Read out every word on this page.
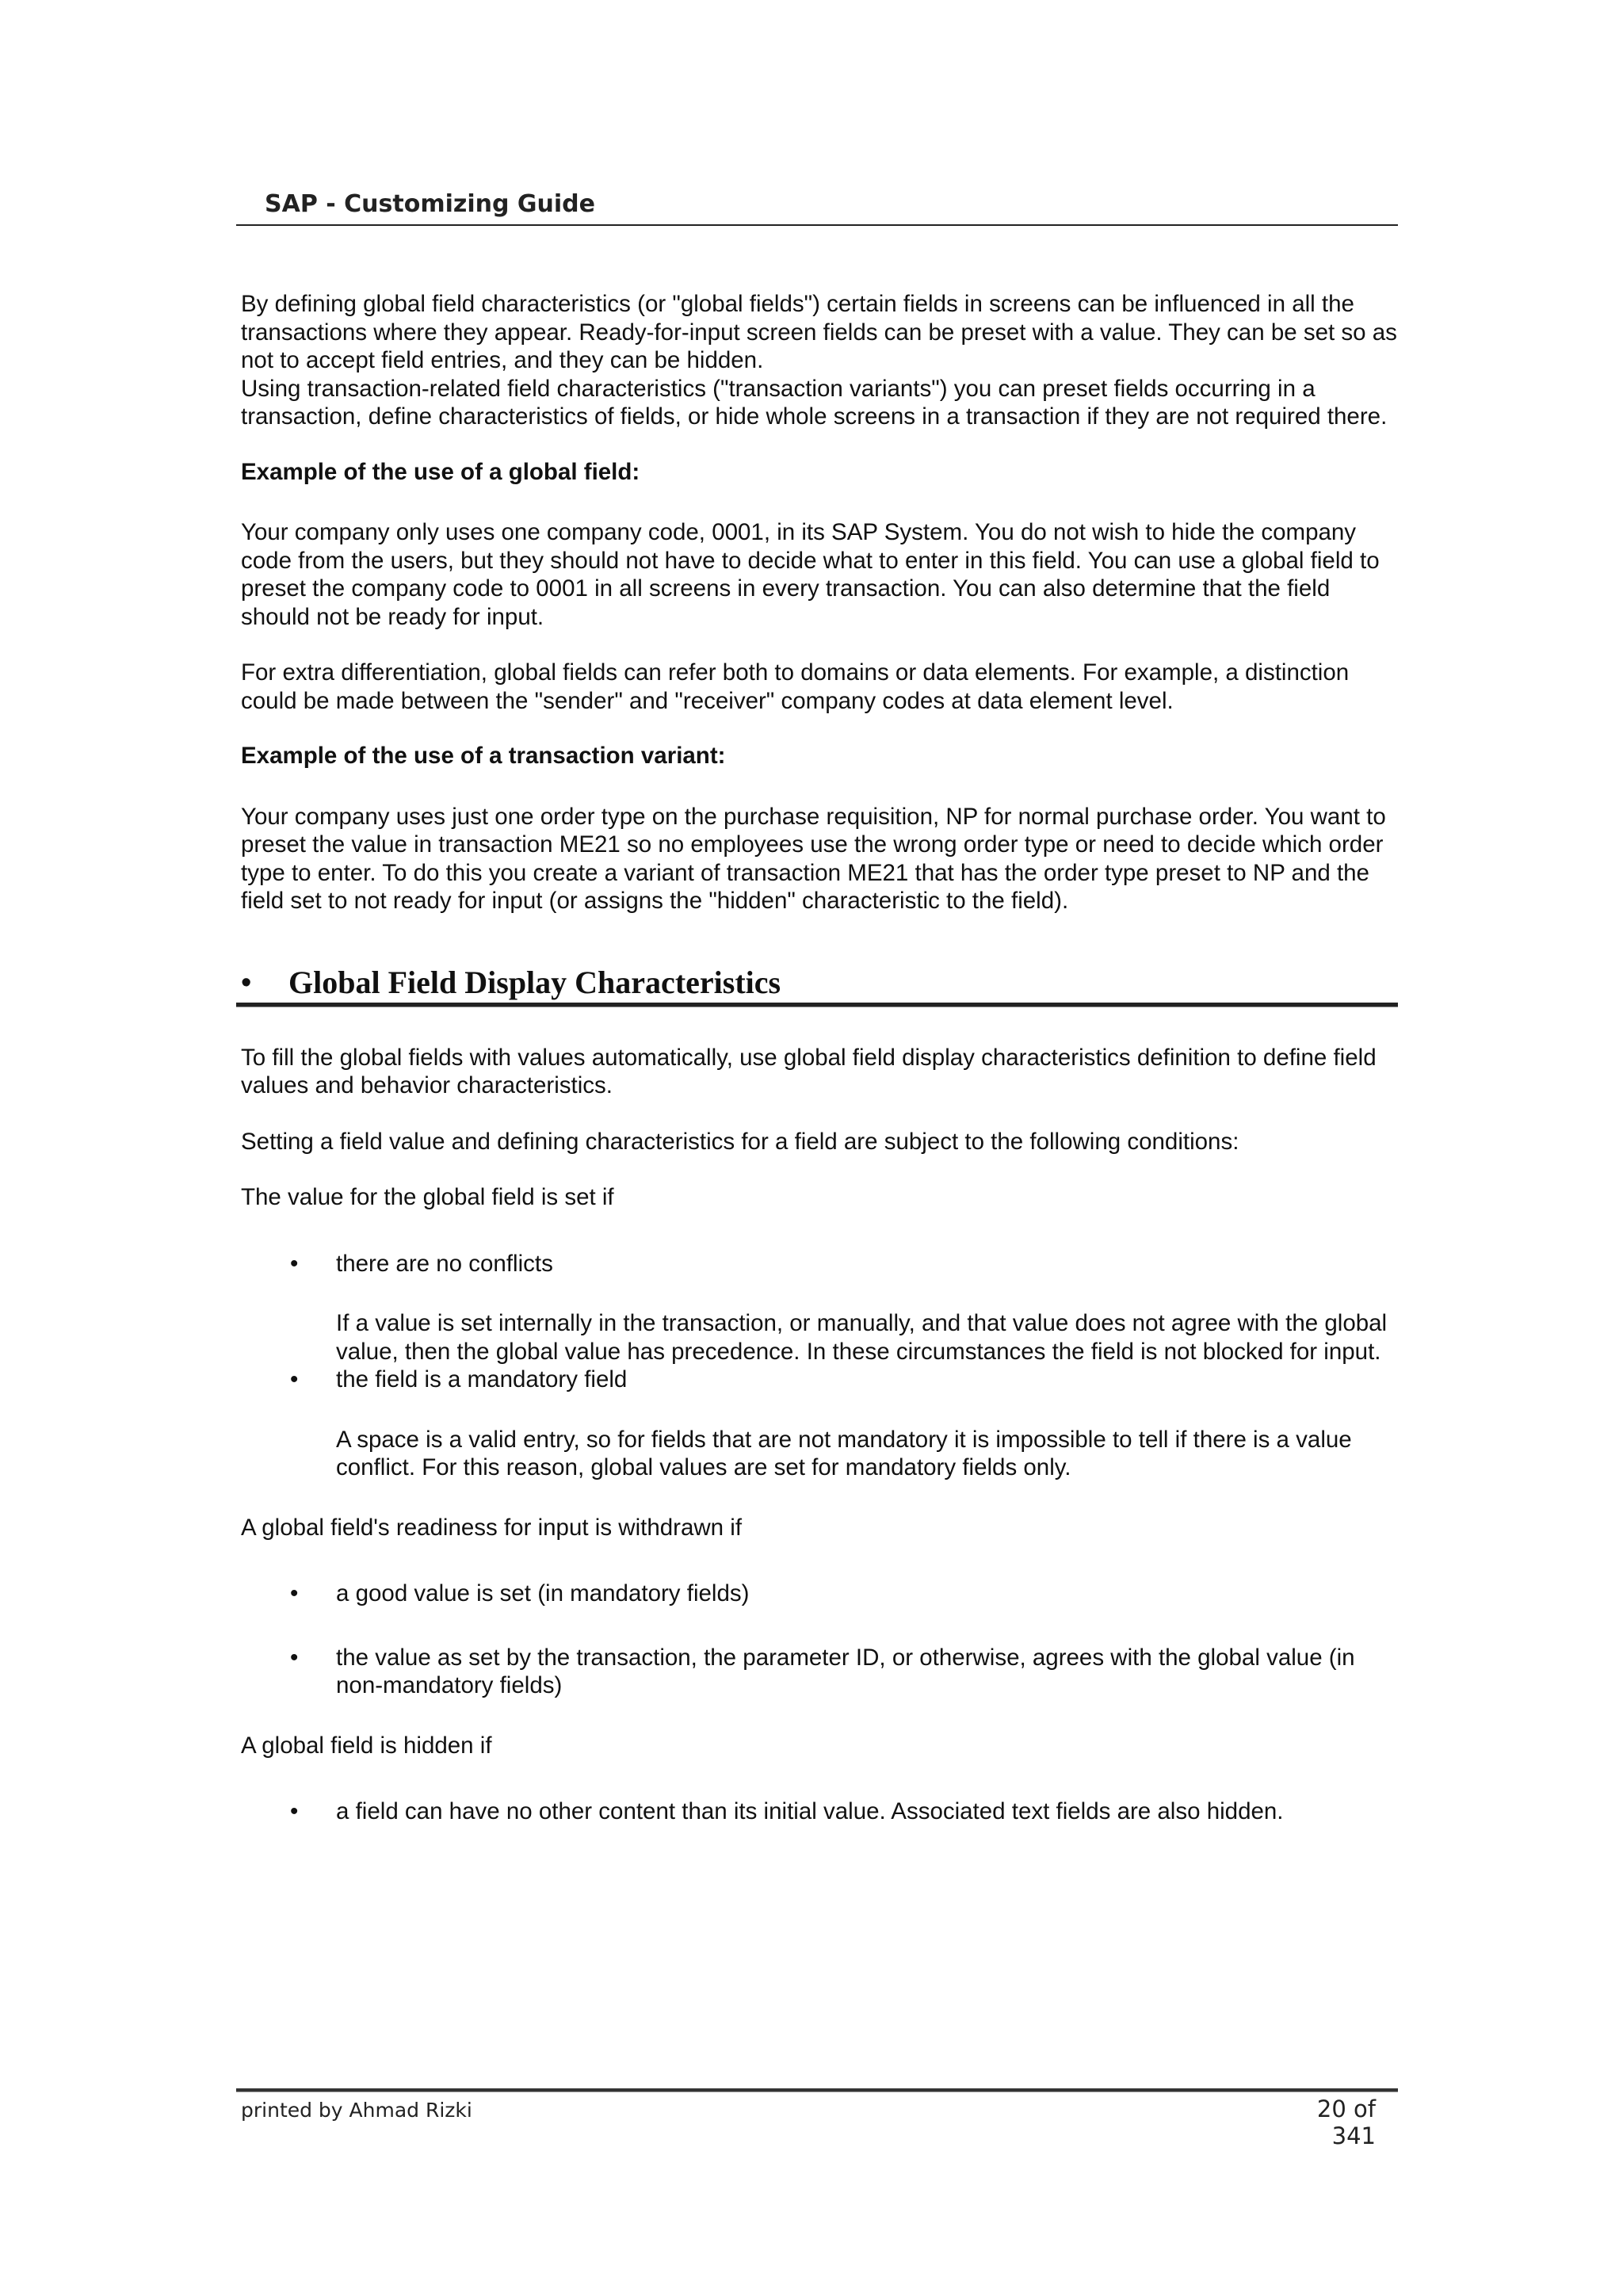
SAP - Customizing Guide

By defining global field characteristics (or "global fields") certain fields in screens can be influenced in all the transactions where they appear. Ready-for-input screen fields can be preset with a value. They can be set so as not to accept field entries, and they can be hidden.

Using transaction-related field characteristics ("transaction variants") you can preset fields occurring in a transaction, define characteristics of fields, or hide whole screens in a transaction if they are not required there.

Example of the use of a global field:

Your company only uses one company code, 0001, in its SAP System. You do not wish to hide the company code from the users, but they should not have to decide what to enter in this field. You can use a global field to preset the company code to 0001 in all screens in every transaction. You can also determine that the field should not be ready for input.

For extra differentiation, global fields can refer both to domains or data elements. For example, a distinction could be made between the "sender" and "receiver" company codes at data element level.

Example of the use of a transaction variant:

Your company uses just one order type on the purchase requisition, NP for normal purchase order. You want to preset the value in transaction ME21 so no employees use the wrong order type or need to decide which order type to enter. To do this you create a variant of transaction ME21 that has the order type preset to NP and the field set to not ready for input (or assigns the "hidden" characteristic to the field).

• Global Field Display Characteristics

To fill the global fields with values automatically, use global field display characteristics definition to define field values and behavior characteristics.

Setting a field value and defining characteristics for a field are subject to the following conditions:

The value for the global field is set if

• there are no conflicts

If a value is set internally in the transaction, or manually, and that value does not agree with the global value, then the global value has precedence. In these circumstances the field is not blocked for input.

• the field is a mandatory field

A space is a valid entry, so for fields that are not mandatory it is impossible to tell if there is a value conflict. For this reason, global values are set for mandatory fields only.

A global field's readiness for input is withdrawn if

• a good value is set (in mandatory fields)

• the value as set by the transaction, the parameter ID, or otherwise, agrees with the global value (in non-mandatory fields)

A global field is hidden if

• a field can have no other content than its initial value. Associated text fields are also hidden.

printed by Ahmad Rizki	20 of 341
